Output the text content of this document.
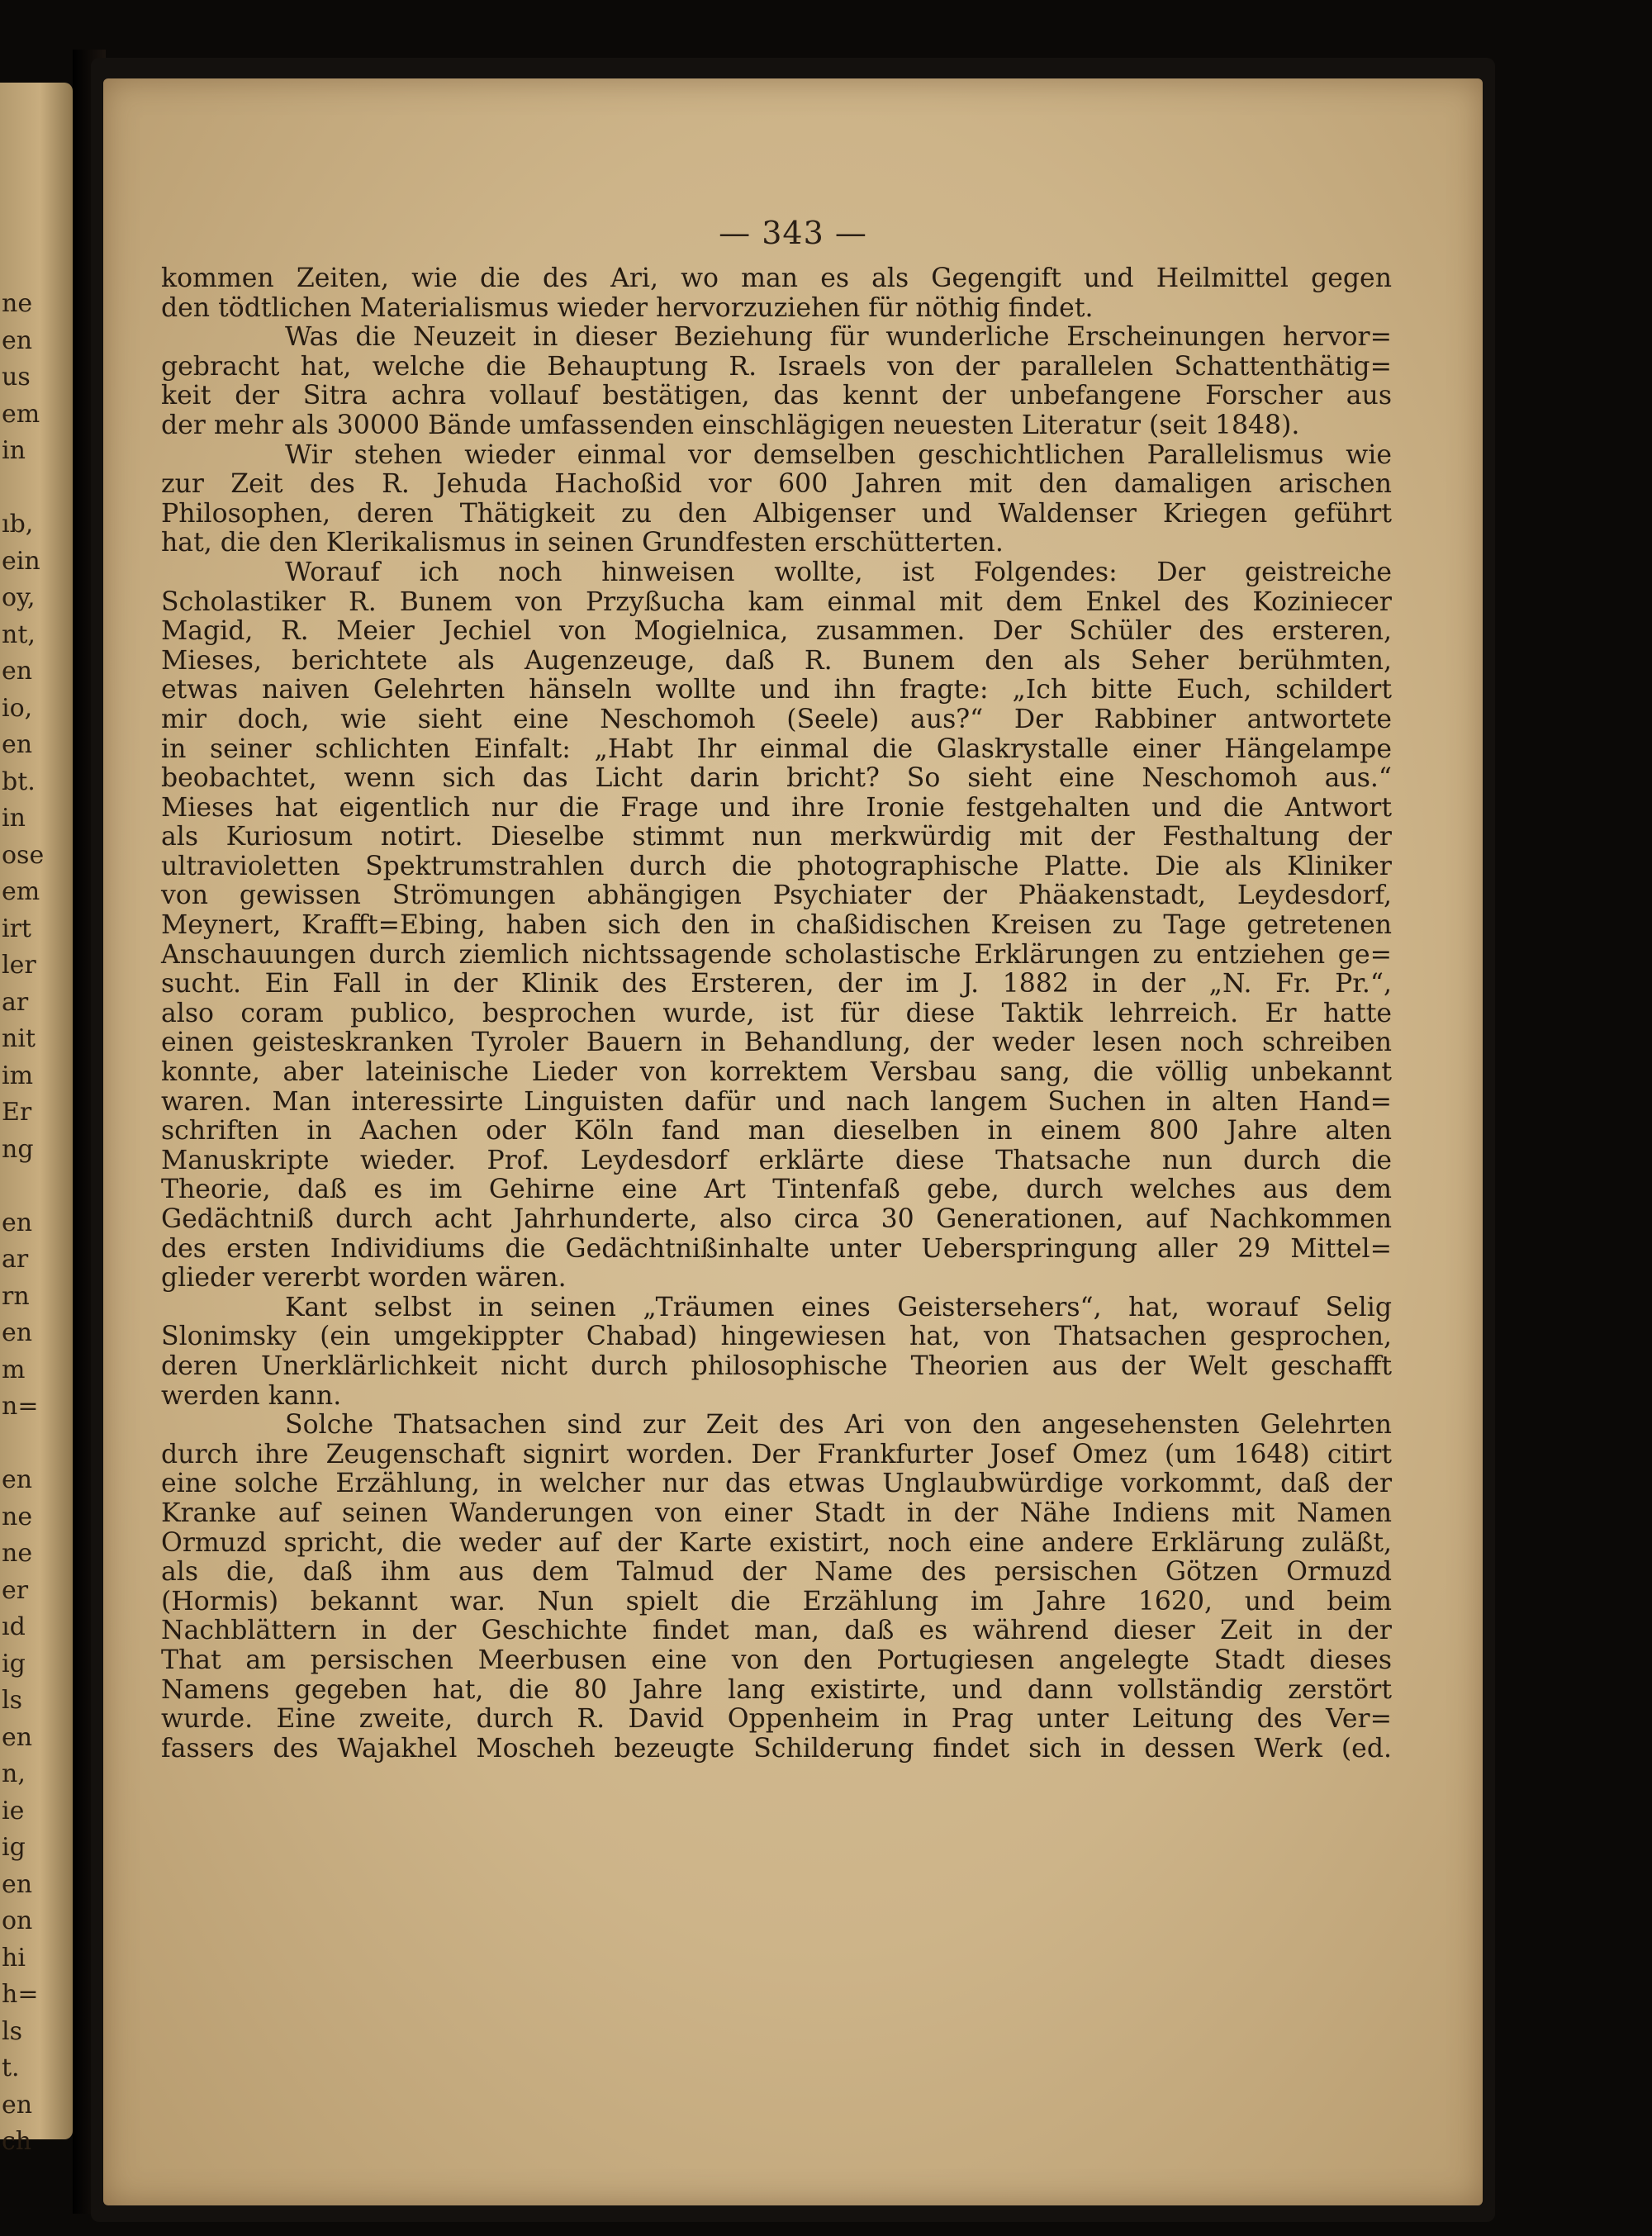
ne
en
us
em
in
ıb,
ein
oy,
nt,
en
io,
en
bt.
in
ose
em
irt
ler
ar
nit
im
Er
ng
en
ar
rn
en
m
n=
en
ne
ne
er
ıd
ig
ls
en
n,
ie
ig
en
on
hi
h=
ls
t.
en
ch
— 343 —
kommen Zeiten, wie die des Ari, wo man es als Gegengift und Heilmittel gegen
den tödtlichen Materialismus wieder hervorzuziehen für nöthig findet.
Was die Neuzeit in dieser Beziehung für wunderliche Erscheinungen hervor=
gebracht hat, welche die Behauptung R. Israels von der parallelen Schattenthätig=
keit der Sitra achra vollauf bestätigen, das kennt der unbefangene Forscher aus
der mehr als 30000 Bände umfassenden einschlägigen neuesten Literatur (seit 1848).
Wir stehen wieder einmal vor demselben geschichtlichen Parallelismus wie
zur Zeit des R. Jehuda Hachoßid vor 600 Jahren mit den damaligen arischen
Philosophen, deren Thätigkeit zu den Albigenser und Waldenser Kriegen geführt
hat, die den Klerikalismus in seinen Grundfesten erschütterten.
Worauf ich noch hinweisen wollte, ist Folgendes: Der geistreiche
Scholastiker R. Bunem von Przyßucha kam einmal mit dem Enkel des Koziniecer
Magid, R. Meier Jechiel von Mogielnica, zusammen. Der Schüler des ersteren,
Mieses, berichtete als Augenzeuge, daß R. Bunem den als Seher berühmten,
etwas naiven Gelehrten hänseln wollte und ihn fragte: „Ich bitte Euch, schildert
mir doch, wie sieht eine Neschomoh (Seele) aus?“ Der Rabbiner antwortete
in seiner schlichten Einfalt: „Habt Ihr einmal die Glaskrystalle einer Hängelampe
beobachtet, wenn sich das Licht darin bricht? So sieht eine Neschomoh aus.“
Mieses hat eigentlich nur die Frage und ihre Ironie festgehalten und die Antwort
als Kuriosum notirt. Dieselbe stimmt nun merkwürdig mit der Festhaltung der
ultravioletten Spektrumstrahlen durch die photographische Platte. Die als Kliniker
von gewissen Strömungen abhängigen Psychiater der Phäakenstadt, Leydesdorf,
Meynert, Krafft=Ebing, haben sich den in chaßidischen Kreisen zu Tage getretenen
Anschauungen durch ziemlich nichtssagende scholastische Erklärungen zu entziehen ge=
sucht. Ein Fall in der Klinik des Ersteren, der im J. 1882 in der „N. Fr. Pr.“,
also coram publico, besprochen wurde, ist für diese Taktik lehrreich. Er hatte
einen geisteskranken Tyroler Bauern in Behandlung, der weder lesen noch schreiben
konnte, aber lateinische Lieder von korrektem Versbau sang, die völlig unbekannt
waren. Man interessirte Linguisten dafür und nach langem Suchen in alten Hand=
schriften in Aachen oder Köln fand man dieselben in einem 800 Jahre alten
Manuskripte wieder. Prof. Leydesdorf erklärte diese Thatsache nun durch die
Theorie, daß es im Gehirne eine Art Tintenfaß gebe, durch welches aus dem
Gedächtniß durch acht Jahrhunderte, also circa 30 Generationen, auf Nachkommen
des ersten Individiums die Gedächtnißinhalte unter Ueberspringung aller 29 Mittel=
glieder vererbt worden wären.
Kant selbst in seinen „Träumen eines Geistersehers“, hat, worauf Selig
Slonimsky (ein umgekippter Chabad) hingewiesen hat, von Thatsachen gesprochen,
deren Unerklärlichkeit nicht durch philosophische Theorien aus der Welt geschafft
werden kann.
Solche Thatsachen sind zur Zeit des Ari von den angesehensten Gelehrten
durch ihre Zeugenschaft signirt worden. Der Frankfurter Josef Omez (um 1648) citirt
eine solche Erzählung, in welcher nur das etwas Unglaubwürdige vorkommt, daß der
Kranke auf seinen Wanderungen von einer Stadt in der Nähe Indiens mit Namen
Ormuzd spricht, die weder auf der Karte existirt, noch eine andere Erklärung zuläßt,
als die, daß ihm aus dem Talmud der Name des persischen Götzen Ormuzd
(Hormis) bekannt war. Nun spielt die Erzählung im Jahre 1620, und beim
Nachblättern in der Geschichte findet man, daß es während dieser Zeit in der
That am persischen Meerbusen eine von den Portugiesen angelegte Stadt dieses
Namens gegeben hat, die 80 Jahre lang existirte, und dann vollständig zerstört
wurde. Eine zweite, durch R. David Oppenheim in Prag unter Leitung des Ver=
fassers des Wajakhel Moscheh bezeugte Schilderung findet sich in dessen Werk (ed.
